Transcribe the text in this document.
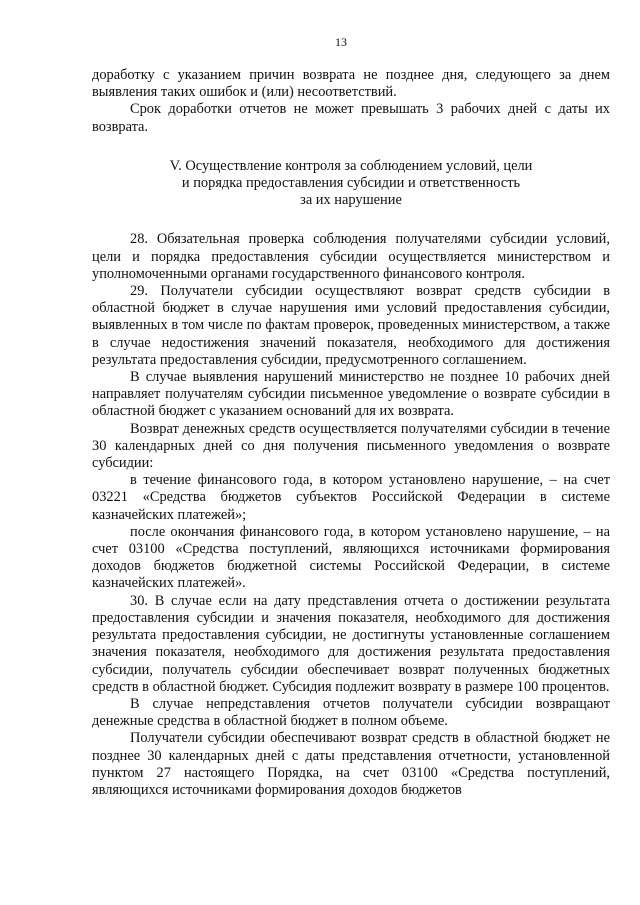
13

доработку с указанием причин возврата не позднее дня, следующего за днем выявления таких ошибок и (или) несоответствий.

Срок доработки отчетов не может превышать 3 рабочих дней с даты их возврата.

V. Осуществление контроля за соблюдением условий, цели
и порядка предоставления субсидии и ответственность
за их нарушение

28. Обязательная проверка соблюдения получателями субсидии условий, цели и порядка предоставления субсидии осуществляется министерством и уполномоченными органами государственного финансового контроля.

29. Получатели субсидии осуществляют возврат средств субсидии в областной бюджет в случае нарушения ими условий предоставления субсидии, выявленных в том числе по фактам проверок, проведенных министерством, а также в случае недостижения значений показателя, необходимого для достижения результата предоставления субсидии, предусмотренного соглашением.

В случае выявления нарушений министерство не позднее 10 рабочих дней направляет получателям субсидии письменное уведомление о возврате субсидии в областной бюджет с указанием оснований для их возврата.

Возврат денежных средств осуществляется получателями субсидии в течение 30 календарных дней со дня получения письменного уведомления о возврате субсидии:

в течение финансового года, в котором установлено нарушение, – на счет 03221 «Средства бюджетов субъектов Российской Федерации в системе казначейских платежей»;

после окончания финансового года, в котором установлено нарушение, – на счет 03100 «Средства поступлений, являющихся источниками формирования доходов бюджетов бюджетной системы Российской Федерации, в системе казначейских платежей».

30. В случае если на дату представления отчета о достижении результата предоставления субсидии и значения показателя, необходимого для достижения результата предоставления субсидии, не достигнуты установленные соглашением значения показателя, необходимого для достижения результата предоставления субсидии, получатель субсидии обеспечивает возврат полученных бюджетных средств в областной бюджет. Субсидия подлежит возврату в размере 100 процентов.

В случае непредставления отчетов получатели субсидии возвращают денежные средства в областной бюджет в полном объеме.

Получатели субсидии обеспечивают возврат средств в областной бюджет не позднее 30 календарных дней с даты представления отчетности, установленной пунктом 27 настоящего Порядка, на счет 03100 «Средства поступлений, являющихся источниками формирования доходов бюджетов
